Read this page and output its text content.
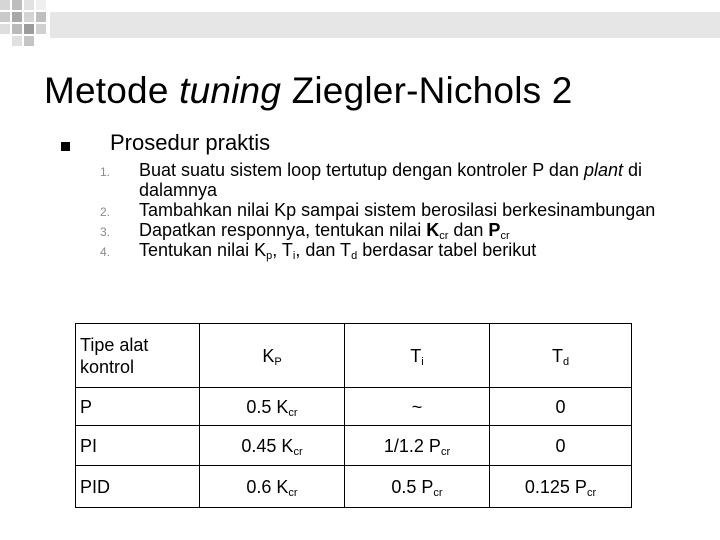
Metode tuning Ziegler-Nichols 2
Prosedur praktis
1. Buat suatu sistem loop tertutup dengan kontroler P dan plant di dalamnya
2. Tambahkan nilai Kp sampai sistem berosilasi berkesinambungan
3. Dapatkan responnya, tentukan nilai $K_{cr}$ dan $P_{cr}$
4. Tentukan nilai $K_p$, $T_i$, dan $T_d$ berdasar tabel berikut
Tipe alat kontrol	$K_P$	$T_i$	$T_d$
P	0.5 $K_{cr}$	~	0
PI	0.45 $K_{cr}$	1/1.2 $P_{cr}$	0
PID	0.6 $K_{cr}$	0.5 $P_{cr}$	0.125 $P_{cr}$
